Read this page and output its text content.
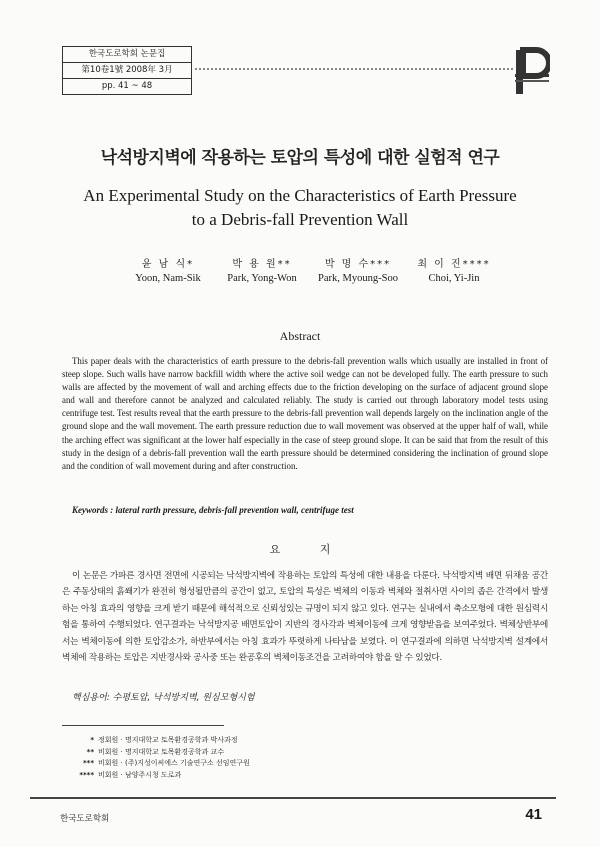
한국도로학회 논문집
第10卷1號 2008年 3月
pp. 41 ~ 48
낙석방지벽에 작용하는 토압의 특성에 대한 실험적 연구
An Experimental Study on the Characteristics of Earth Pressure to a Debris-fall Prevention Wall
윤 남 식*
Yoon, Nam-Sik
박 용 원**
Park, Yong-Won
박 명 수***
Park, Myoung-Soo
최 이 진****
Choi, Yi-Jin
Abstract
This paper deals with the characteristics of earth pressure to the debris-fall prevention walls which usually are installed in front of steep slope. Such walls have narrow backfill width where the active soil wedge can not be developed fully. The earth pressure to such walls are affected by the movement of wall and arching effects due to the friction developing on the surface of adjacent ground slope and wall and therefore cannot be analyzed and calculated reliably. The study is carried out through laboratory model tests using centrifuge test. Test results reveal that the earth pressure to the debris-fall prevention wall depends largely on the inclination angle of the ground slope and the wall movement. The earth pressure reduction due to wall movement was observed at the upper half of wall, while the arching effect was significant at the lower half especially in the case of steep ground slope. It can be said that from the result of this study in the design of a debris-fall prevention wall the earth pressure should be determined considering the inclination of ground slope and the condition of wall movement during and after construction.
Keywords : lateral rarth pressure, debris-fall prevention wall, centrifuge test
요 지
이 논문은 가파른 경사면 전면에 시공되는 낙석방지벽에 작용하는 토압의 특성에 대한 내용을 다룬다. 낙석방지벽 배면 뒤채움 공간은 주동상태의 흙쐐기가 완전히 형성될만큼의 공간이 없고, 토압의 특성은 벽체의 이동과 벽체와 절취사면 사이의 좁은 간격에서 발생하는 아칭 효과의 영향을 크게 받기 때문에 해석적으로 신뢰성있는 규명이 되지 않고 있다. 연구는 실내에서 축소모형에 대한 원심력시험을 통하여 수행되었다. 연구결과는 낙석방지공 배면토압이 지반의 경사각과 벽체이동에 크게 영향받음을 보여주었다. 벽체상반부에서는 벽체이동에 의한 토압감소가, 하반부에서는 아칭 효과가 뚜렷하게 나타남을 보였다. 이 연구결과에 의하면 낙석방지벽 설계에서 벽체에 작용하는 토압은 지반경사와 공사중 또는 완공후의 벽체이동조건을 고려하여야 함을 알 수 있었다.
핵심용어: 수평토압, 낙석방지벽, 원심모형시험
* 정회원 · 명지대학교 토목환경공학과 박사과정
** 비회원 · 명지대학교 토목환경공학과 교수
*** 비회원 · (주)지성이씨에스 기술연구소 선임연구원
**** 비회원 · 남양주시청 도로과
한국도로학회	41
